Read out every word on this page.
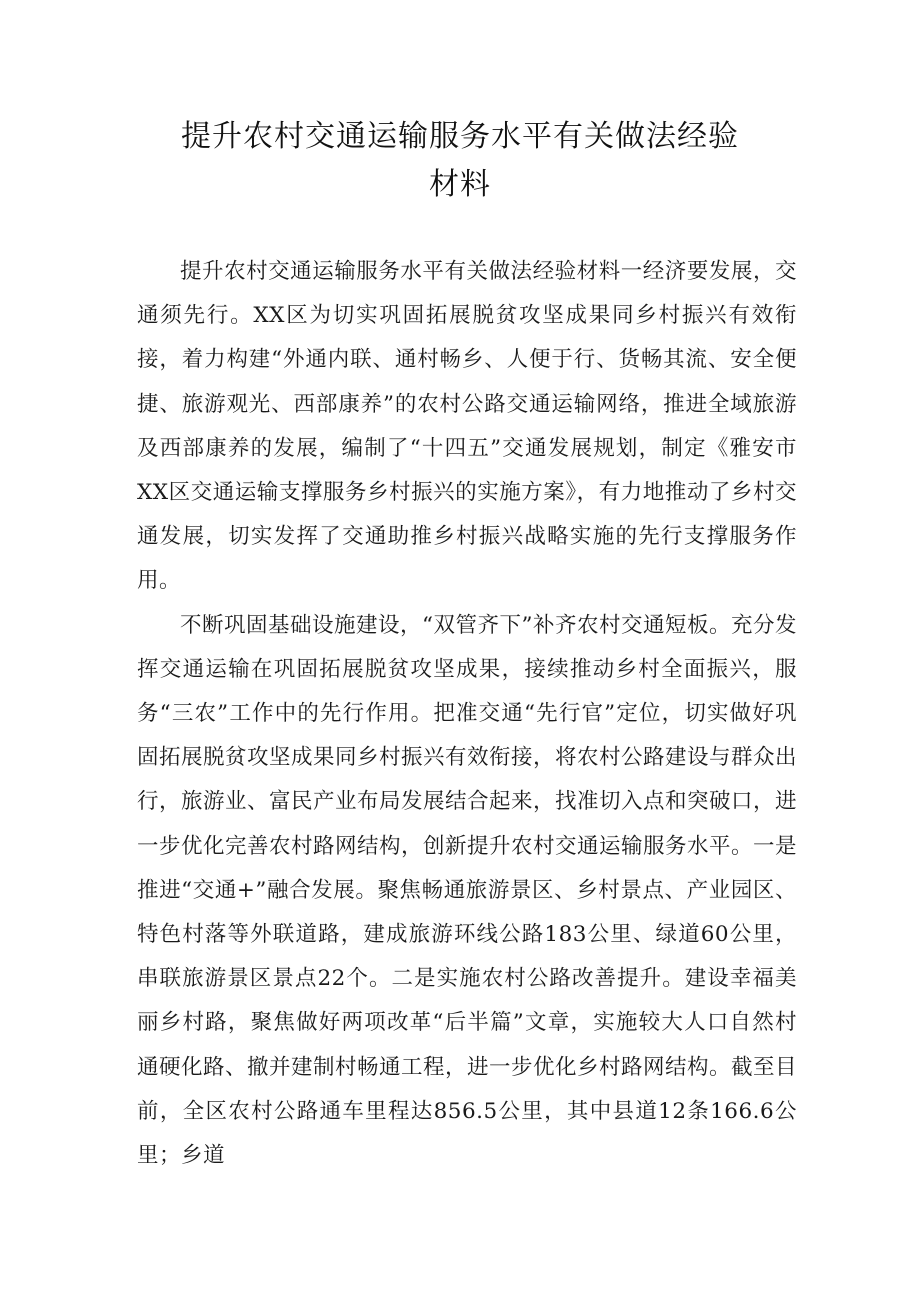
提升农村交通运输服务水平有关做法经验
材料

提升农村交通运输服务水平有关做法经验材料一经济要发展，交通须先行。XX区为切实巩固拓展脱贫攻坚成果同乡村振兴有效衔接，着力构建“外通内联、通村畅乡、人便于行、货畅其流、安全便捷、旅游观光、西部康养”的农村公路交通运输网络，推进全域旅游及西部康养的发展，编制了“十四五”交通发展规划，制定《雅安市XX区交通运输支撑服务乡村振兴的实施方案》，有力地推动了乡村交通发展，切实发挥了交通助推乡村振兴战略实施的先行支撑服务作用。

不断巩固基础设施建设，“双管齐下”补齐农村交通短板。充分发挥交通运输在巩固拓展脱贫攻坚成果，接续推动乡村全面振兴，服务“三农”工作中的先行作用。把准交通“先行官”定位，切实做好巩固拓展脱贫攻坚成果同乡村振兴有效衔接，将农村公路建设与群众出行，旅游业、富民产业布局发展结合起来，找准切入点和突破口，进一步优化完善农村路网结构，创新提升农村交通运输服务水平。一是推进“交通+”融合发展。聚焦畅通旅游景区、乡村景点、产业园区、特色村落等外联道路，建成旅游环线公路183公里、绿道60公里，串联旅游景区景点22个。二是实施农村公路改善提升。建设幸福美丽乡村路，聚焦做好两项改革“后半篇”文章，实施较大人口自然村通硬化路、撤并建制村畅通工程，进一步优化乡村路网结构。截至目前，全区农村公路通车里程达856.5公里，其中县道12条166.6公里；乡道
